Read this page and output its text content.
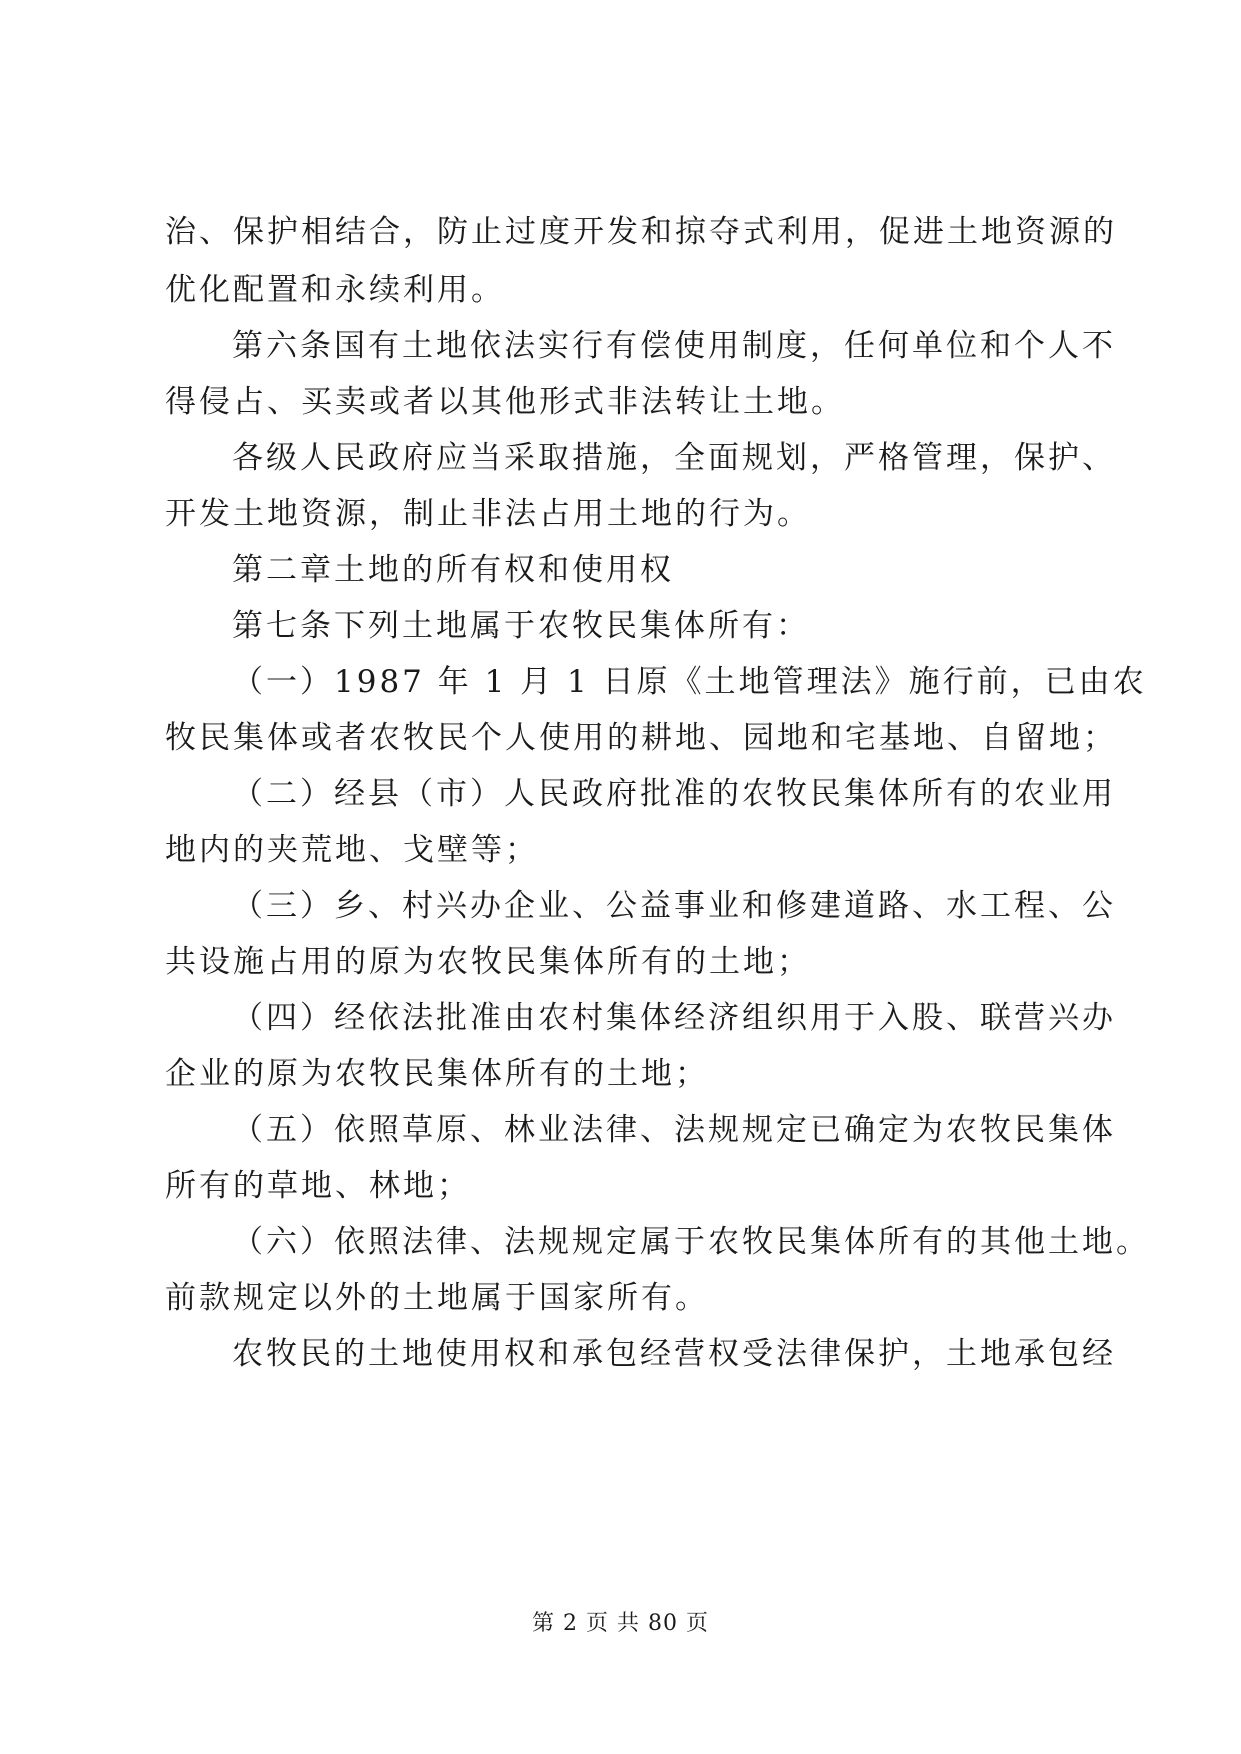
治、保护相结合，防止过度开发和掠夺式利用，促进土地资源的
优化配置和永续利用。
第六条国有土地依法实行有偿使用制度，任何单位和个人不
得侵占、买卖或者以其他形式非法转让土地。
各级人民政府应当采取措施，全面规划，严格管理，保护、
开发土地资源，制止非法占用土地的行为。
第二章土地的所有权和使用权
第七条下列土地属于农牧民集体所有：
（一）1987 年 1 月 1 日原《土地管理法》施行前，已由农
牧民集体或者农牧民个人使用的耕地、园地和宅基地、自留地；
（二）经县（市）人民政府批准的农牧民集体所有的农业用
地内的夹荒地、戈壁等；
（三）乡、村兴办企业、公益事业和修建道路、水工程、公
共设施占用的原为农牧民集体所有的土地；
（四）经依法批准由农村集体经济组织用于入股、联营兴办
企业的原为农牧民集体所有的土地；
（五）依照草原、林业法律、法规规定已确定为农牧民集体
所有的草地、林地；
（六）依照法律、法规规定属于农牧民集体所有的其他土地。
前款规定以外的土地属于国家所有。
农牧民的土地使用权和承包经营权受法律保护，土地承包经
第 2 页 共 80 页
